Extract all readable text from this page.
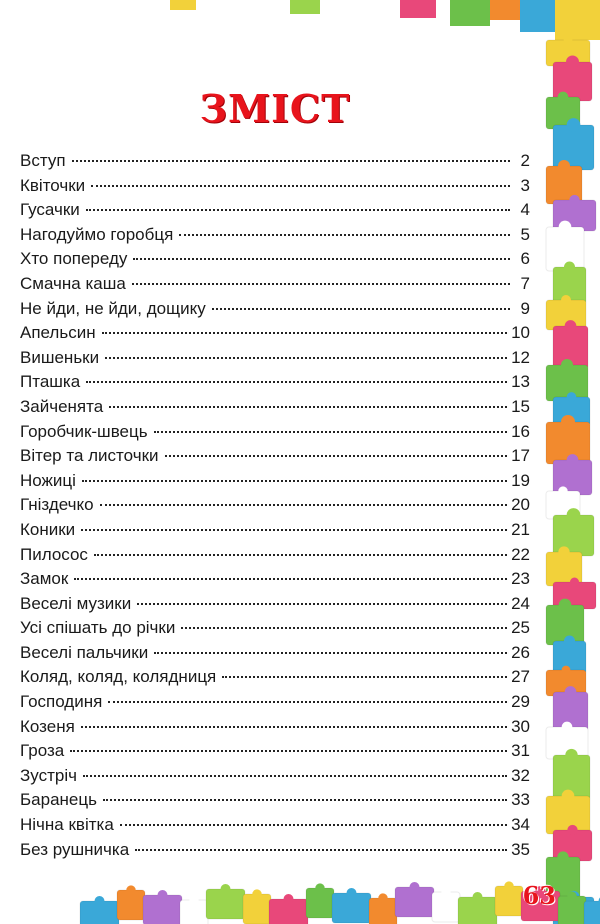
ЗМІСТ
Вступ	2
Квіточки	3
Гусачки	4
Нагодуймо горобця	5
Хто попереду	6
Смачна каша	7
Не йди, не йди, дощику	9
Апельсин	10
Вишеньки	12
Пташка	13
Зайченята	15
Горобчик-швець	16
Вітер та листочки	17
Ножиці	19
Гніздечко	20
Коники	21
Пилосос	22
Замок	23
Веселі музики	24
Усі спішать до річки	25
Веселі пальчики	26
Коляд, коляд, колядниця	27
Господиня	29
Козеня	30
Гроза	31
Зустріч	32
Баранець	33
Нічна квітка	34
Без рушничка	35
63
